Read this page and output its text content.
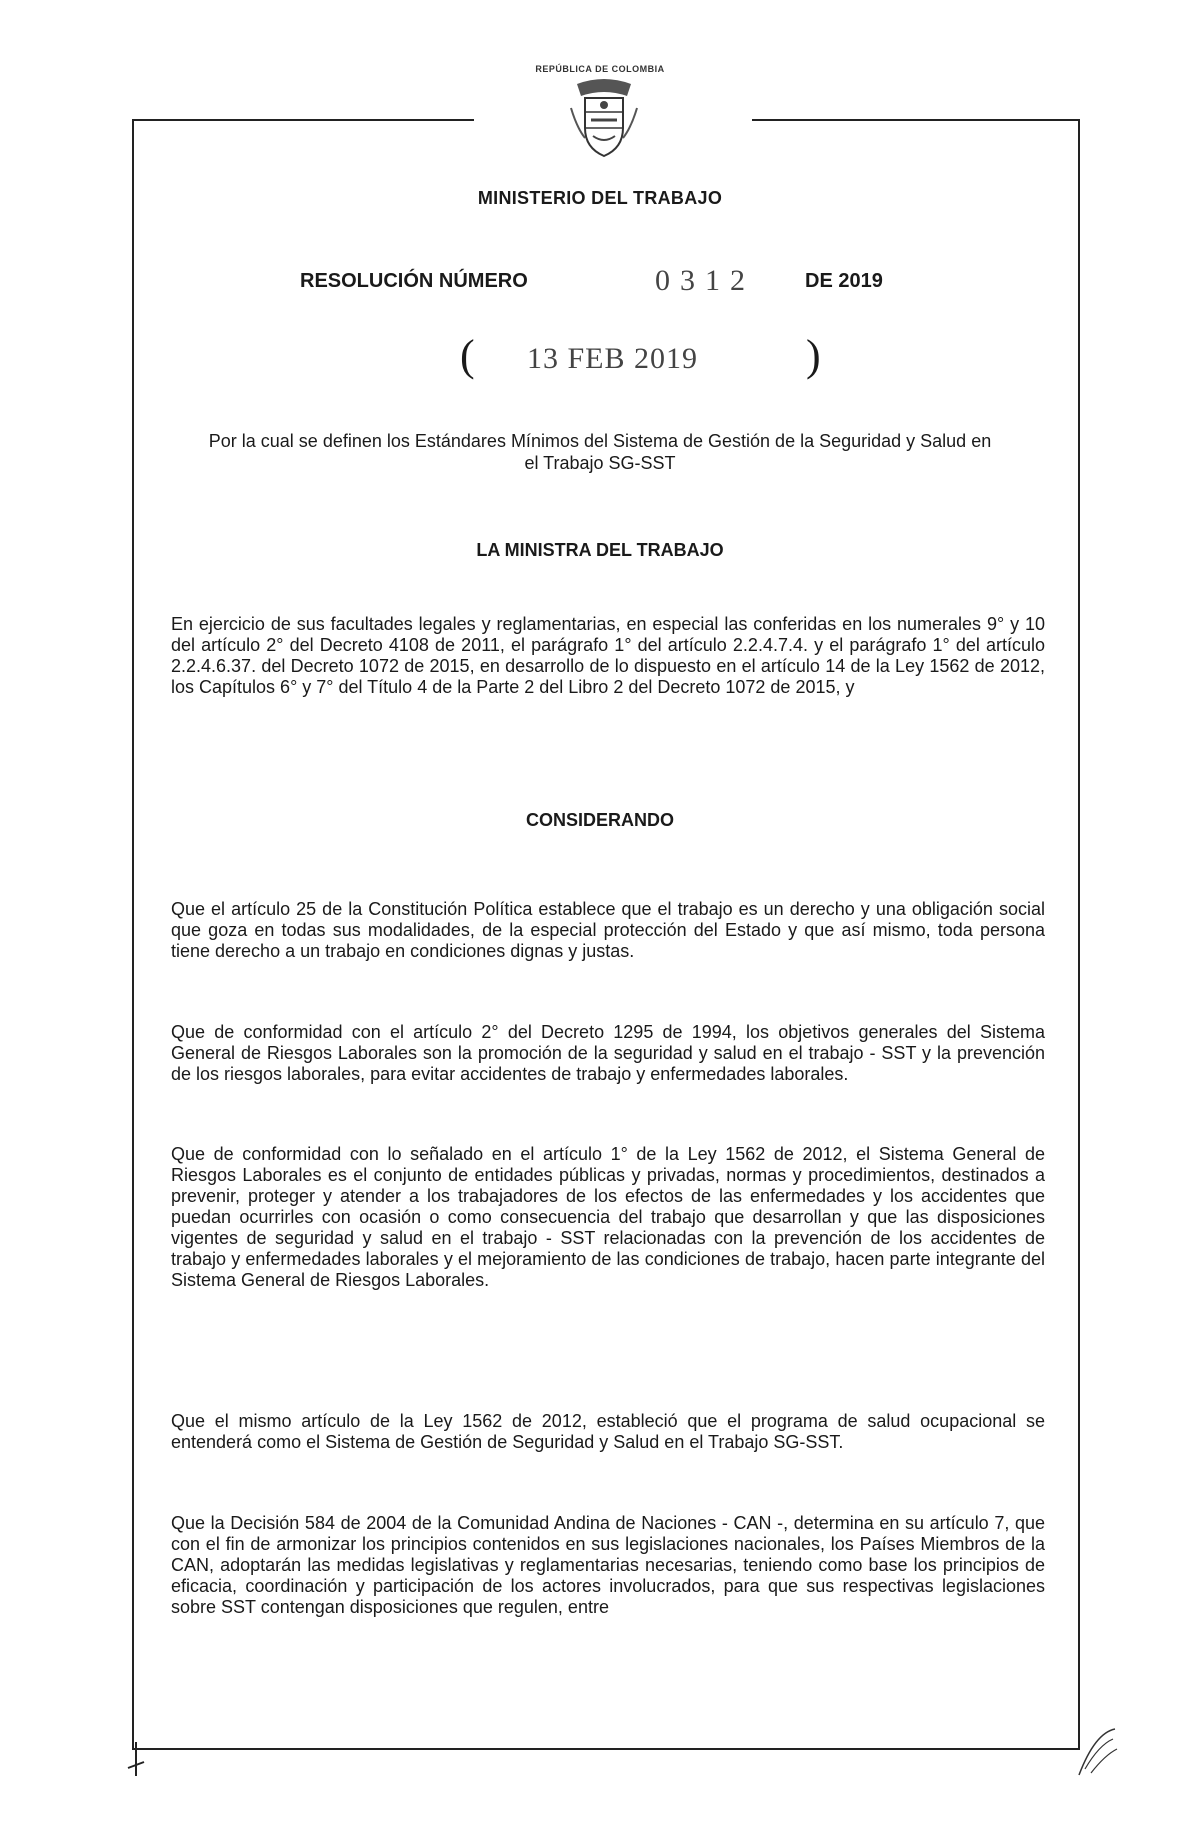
REPÚBLICA DE COLOMBIA
MINISTERIO DEL TRABAJO
RESOLUCIÓN NÚMERO	0312	DE 2019
( 13 FEB 2019 )
Por la cual se definen los Estándares Mínimos del Sistema de Gestión de la Seguridad y Salud en el Trabajo SG-SST
LA MINISTRA DEL TRABAJO
En ejercicio de sus facultades legales y reglamentarias, en especial las conferidas en los numerales 9° y 10 del artículo 2° del Decreto 4108 de 2011, el parágrafo 1° del artículo 2.2.4.7.4. y el parágrafo 1° del artículo 2.2.4.6.37. del Decreto 1072 de 2015, en desarrollo de lo dispuesto en el artículo 14 de la Ley 1562 de 2012, los Capítulos 6° y 7° del Título 4 de la Parte 2 del Libro 2 del Decreto 1072 de 2015, y
CONSIDERANDO
Que el artículo 25 de la Constitución Política establece que el trabajo es un derecho y una obligación social que goza en todas sus modalidades, de la especial protección del Estado y que así mismo, toda persona tiene derecho a un trabajo en condiciones dignas y justas.
Que de conformidad con el artículo 2° del Decreto 1295 de 1994, los objetivos generales del Sistema General de Riesgos Laborales son la promoción de la seguridad y salud en el trabajo - SST y la prevención de los riesgos laborales, para evitar accidentes de trabajo y enfermedades laborales.
Que de conformidad con lo señalado en el artículo 1° de la Ley 1562 de 2012, el Sistema General de Riesgos Laborales es el conjunto de entidades públicas y privadas, normas y procedimientos, destinados a prevenir, proteger y atender a los trabajadores de los efectos de las enfermedades y los accidentes que puedan ocurrirles con ocasión o como consecuencia del trabajo que desarrollan y que las disposiciones vigentes de seguridad y salud en el trabajo - SST relacionadas con la prevención de los accidentes de trabajo y enfermedades laborales y el mejoramiento de las condiciones de trabajo, hacen parte integrante del Sistema General de Riesgos Laborales.
Que el mismo artículo de la Ley 1562 de 2012, estableció que el programa de salud ocupacional se entenderá como el Sistema de Gestión de Seguridad y Salud en el Trabajo SG-SST.
Que la Decisión 584 de 2004 de la Comunidad Andina de Naciones - CAN -, determina en su artículo 7, que con el fin de armonizar los principios contenidos en sus legislaciones nacionales, los Países Miembros de la CAN, adoptarán las medidas legislativas y reglamentarias necesarias, teniendo como base los principios de eficacia, coordinación y participación de los actores involucrados, para que sus respectivas legislaciones sobre SST contengan disposiciones que regulen, entre
